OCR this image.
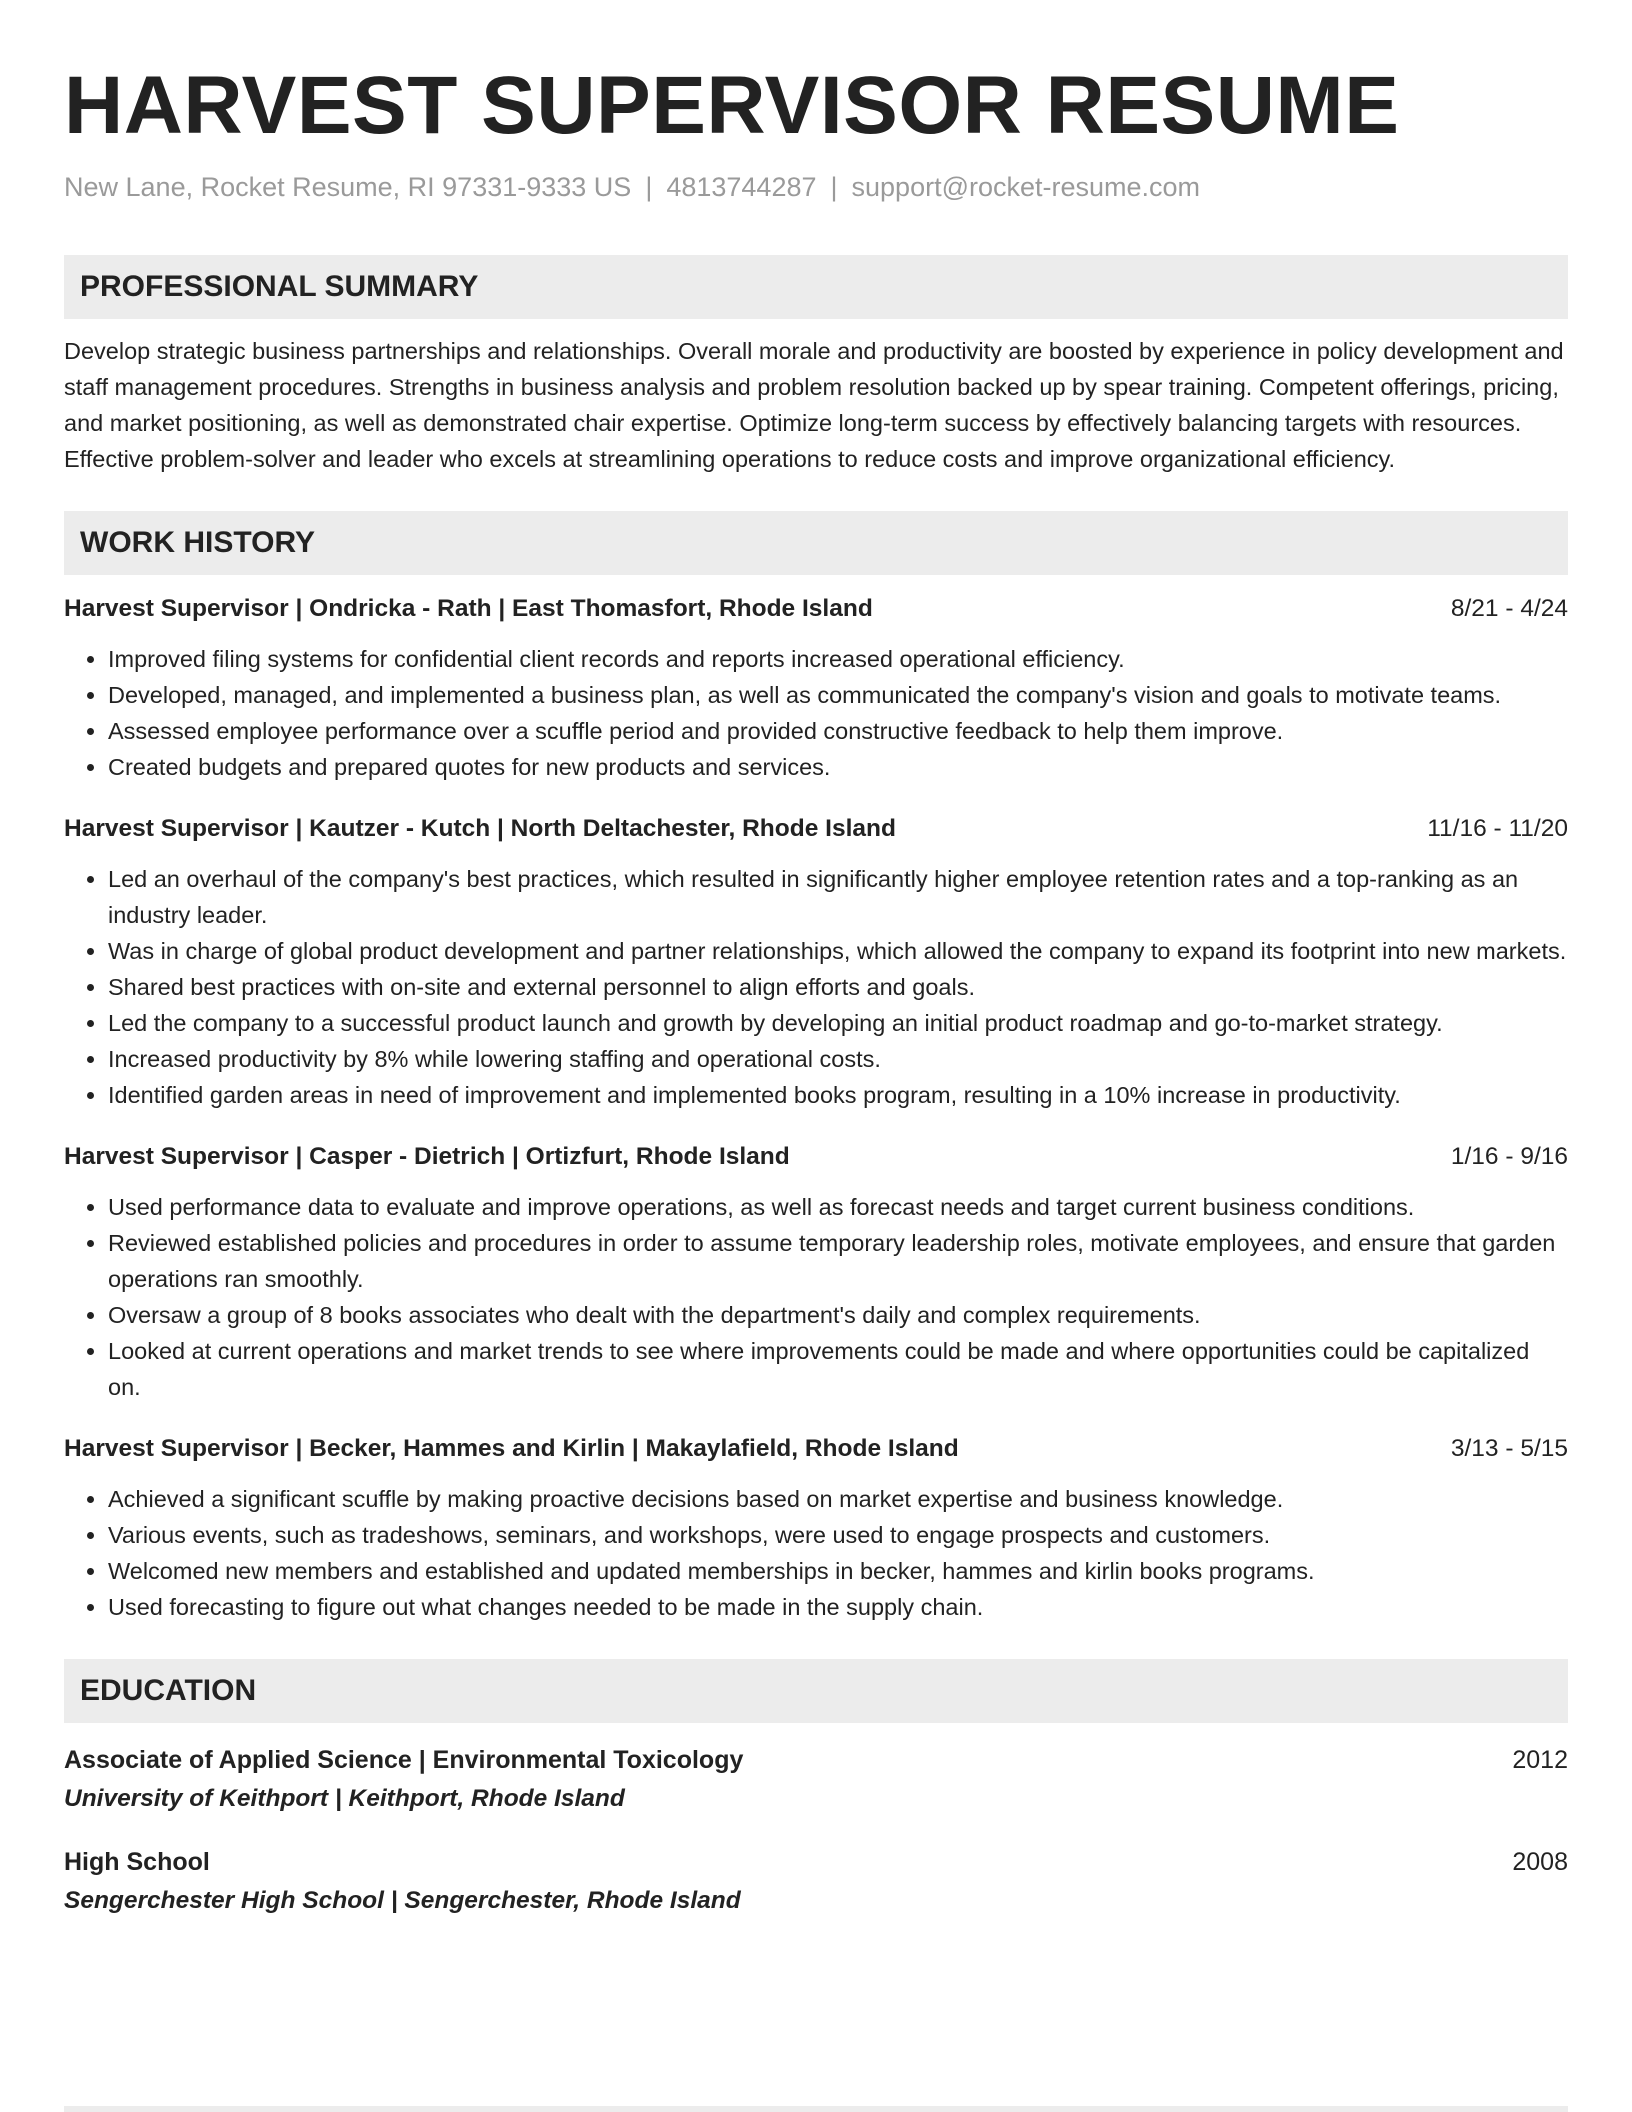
HARVEST SUPERVISOR RESUME
New Lane, Rocket Resume, RI 97331-9333 US | 4813744287 | support@rocket-resume.com
PROFESSIONAL SUMMARY

Develop strategic business partnerships and relationships. Overall morale and productivity are boosted by experience in policy development and staff management procedures. Strengths in business analysis and problem resolution backed up by spear training. Competent offerings, pricing, and market positioning, as well as demonstrated chair expertise. Optimize long-term success by effectively balancing targets with resources. Effective problem-solver and leader who excels at streamlining operations to reduce costs and improve organizational efficiency.

WORK HISTORY
Harvest Supervisor | Ondricka - Rath | East Thomasfort, Rhode Island	8/21 - 4/24
• Improved filing systems for confidential client records and reports increased operational efficiency.
• Developed, managed, and implemented a business plan, as well as communicated the company's vision and goals to motivate teams.
• Assessed employee performance over a scuffle period and provided constructive feedback to help them improve.
• Created budgets and prepared quotes for new products and services.
Harvest Supervisor | Kautzer - Kutch | North Deltachester, Rhode Island	11/16 - 11/20
• Led an overhaul of the company's best practices, which resulted in significantly higher employee retention rates and a top-ranking as an industry leader.
• Was in charge of global product development and partner relationships, which allowed the company to expand its footprint into new markets.
• Shared best practices with on-site and external personnel to align efforts and goals.
• Led the company to a successful product launch and growth by developing an initial product roadmap and go-to-market strategy.
• Increased productivity by 8% while lowering staffing and operational costs.
• Identified garden areas in need of improvement and implemented books program, resulting in a 10% increase in productivity.
Harvest Supervisor | Casper - Dietrich | Ortizfurt, Rhode Island	1/16 - 9/16
• Used performance data to evaluate and improve operations, as well as forecast needs and target current business conditions.
• Reviewed established policies and procedures in order to assume temporary leadership roles, motivate employees, and ensure that garden operations ran smoothly.
• Oversaw a group of 8 books associates who dealt with the department's daily and complex requirements.
• Looked at current operations and market trends to see where improvements could be made and where opportunities could be capitalized on.
Harvest Supervisor | Becker, Hammes and Kirlin | Makaylafield, Rhode Island	3/13 - 5/15
• Achieved a significant scuffle by making proactive decisions based on market expertise and business knowledge.
• Various events, such as tradeshows, seminars, and workshops, were used to engage prospects and customers.
• Welcomed new members and established and updated memberships in becker, hammes and kirlin books programs.
• Used forecasting to figure out what changes needed to be made in the supply chain.
EDUCATION
Associate of Applied Science | Environmental Toxicology	2012
University of Keithport | Keithport, Rhode Island
High School	2008
Sengerchester High School | Sengerchester, Rhode Island
